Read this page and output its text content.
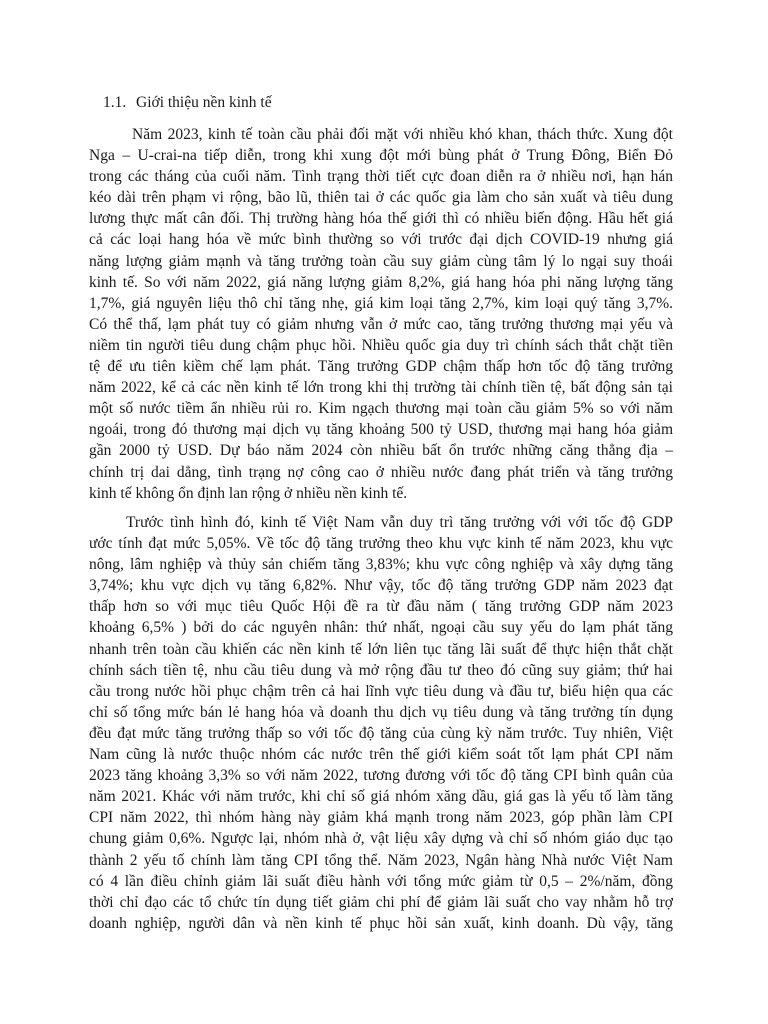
1.1. Giới thiệu nền kinh tế
Năm 2023, kinh tế toàn cầu phải đối mặt với nhiều khó khan, thách thức. Xung đột
Nga – U-crai-na tiếp diễn, trong khi xung đột mới bùng phát ở Trung Đông, Biển Đỏ
trong các tháng của cuối năm. Tình trạng thời tiết cực đoan diễn ra ở nhiều nơi, hạn hán
kéo dài trên phạm vi rộng, bão lũ, thiên tai ở các quốc gia làm cho sản xuất và tiêu dung
lương thực mất cân đối. Thị trường hàng hóa thế giới thì có nhiều biến động. Hầu hết giá
cả các loại hang hóa về mức bình thường so với trước đại dịch COVID-19 nhưng giá
năng lượng giảm mạnh và tăng trưởng toàn cầu suy giảm cùng tâm lý lo ngại suy thoái
kinh tế. So với năm 2022, giá năng lượng giảm 8,2%, giá hang hóa phi năng lượng tăng
1,7%, giá nguyên liệu thô chỉ tăng nhẹ, giá kim loại tăng 2,7%, kim loại quý tăng 3,7%.
Có thể thấ, lạm phát tuy có giảm nhưng vẫn ở mức cao, tăng trưởng thương mại yếu và
niềm tin người tiêu dung chậm phục hồi. Nhiều quốc gia duy trì chính sách thắt chặt tiền
tệ để ưu tiên kiềm chế lạm phát. Tăng trưởng GDP chậm thấp hơn tốc độ tăng trưởng
năm 2022, kể cả các nền kinh tế lớn trong khi thị trường tài chính tiền tệ, bất động sản tại
một số nước tiềm ẩn nhiều rủi ro. Kim ngạch thương mại toàn cầu giảm 5% so với năm
ngoái, trong đó thương mại dịch vụ tăng khoảng 500 tỷ USD, thương mại hang hóa giảm
gần 2000 tỷ USD. Dự báo năm 2024 còn nhiều bất ổn trước những căng thẳng địa –
chính trị dai dẳng, tình trạng nợ công cao ở nhiều nước đang phát triển và tăng trưởng
kinh tế không ổn định lan rộng ở nhiều nền kinh tế.
Trước tình hình đó, kinh tế Việt Nam vẫn duy trì tăng trưởng với với tốc độ GDP
ước tính đạt mức 5,05%. Về tốc độ tăng trưởng theo khu vực kinh tế năm 2023, khu vực
nông, lâm nghiệp và thủy sản chiếm tăng 3,83%; khu vực công nghiệp và xây dựng tăng
3,74%; khu vực dịch vụ tăng 6,82%. Như vậy, tốc độ tăng trưởng GDP năm 2023 đạt
thấp hơn so với mục tiêu Quốc Hội đề ra từ đầu năm ( tăng trưởng GDP năm 2023
khoảng 6,5% ) bởi do các nguyên nhân: thứ nhất, ngoại cầu suy yếu do lạm phát tăng
nhanh trên toàn cầu khiến các nền kinh tế lớn liên tục tăng lãi suất để thực hiện thắt chặt
chính sách tiền tệ, nhu cầu tiêu dung và mở rộng đầu tư theo đó cũng suy giảm; thứ hai
cầu trong nước hồi phục chậm trên cả hai lĩnh vực tiêu dung và đầu tư, biểu hiện qua các
chỉ số tổng mức bán lẻ hang hóa và doanh thu dịch vụ tiêu dung và tăng trưởng tín dụng
đều đạt mức tăng trưởng thấp so với tốc độ tăng của cùng kỳ năm trước. Tuy nhiên, Việt
Nam cũng là nước thuộc nhóm các nước trên thế giới kiểm soát tốt lạm phát CPI năm
2023 tăng khoảng 3,3% so với năm 2022, tương đương với tốc độ tăng CPI bình quân của
năm 2021. Khác với năm trước, khi chỉ số giá nhóm xăng dầu, giá gas là yếu tố làm tăng
CPI năm 2022, thì nhóm hàng này giảm khá mạnh trong năm 2023, góp phần làm CPI
chung giảm 0,6%. Ngược lại, nhóm nhà ở, vật liệu xây dựng và chỉ số nhóm giáo dục tạo
thành 2 yếu tố chính làm tăng CPI tổng thể. Năm 2023, Ngân hàng Nhà nước Việt Nam
có 4 lần điều chỉnh giảm lãi suất điều hành với tổng mức giảm từ 0,5 – 2%/năm, đồng
thời chỉ đạo các tổ chức tín dụng tiết giảm chi phí để giảm lãi suất cho vay nhằm hỗ trợ
doanh nghiệp, người dân và nền kinh tế phục hồi sản xuất, kinh doanh. Dù vậy, tăng
